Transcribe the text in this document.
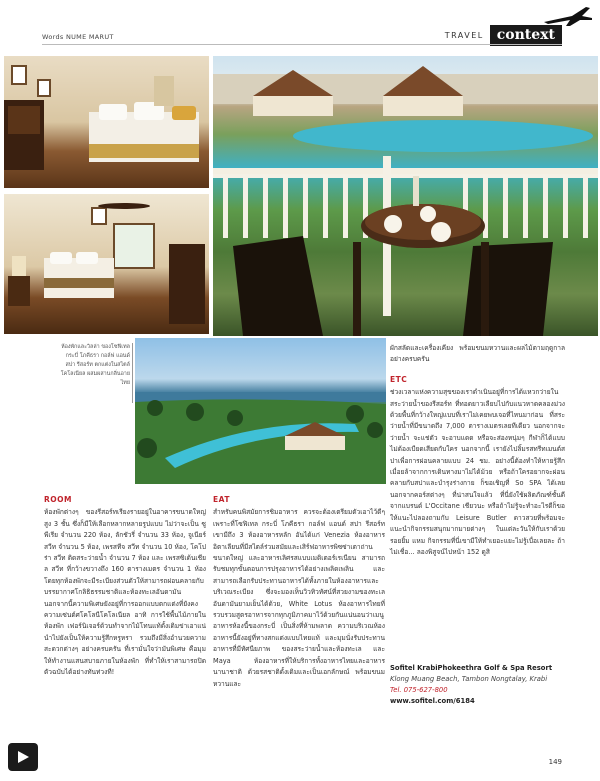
Words NUME MARUT	TRAVEL context
ห้องพักและวิลล่า ของโซฟิเทล กระบี่ โภคีธรา กอล์ฟ แอนด์ สปา รีสอร์ท ตกแต่งในสไตล์โคโลเนียล ผสมผสานกลิ่นอายไทย
ROOM
ห้องพักต่างๆ ของรีสอร์ทเรียงรายอยู่ในอาคารขนาดใหญ่ สูง 3 ชั้น ซึ่งก็มีให้เลือกหลากหลายรูปแบบ ไม่ว่าจะเป็น ซูพีเรีย จำนวน 220 ห้อง, ลักชัวรี่ จำนวน 33 ห้อง, จูเนียร์ สวีท จำนวน 5 ห้อง, เพรสทีจ สวีท จำนวน 10 ห้อง, โคโปร่า สวีท ติดสระว่ายน้ำ จำนวน 7 ห้อง และ เพรสซิเด้นเชียล สวีท ที่กว้างขวางถึง 160 ตารางเมตร จำนวน 1 ห้อง โดยทุกห้องพักจะมีระเบียงส่วนตัวให้สามารถผ่อนคลายกับบรรยากาศโกลิธิธรรมชาติและห้องทะเลอันดามัน นอกจากนี้ความพิเศษยังอยู่ที่การออกแบบตกแต่งที่ยังคงความเซ่นต์ศโคโลนีโคโลเนียล อาทิ การใช้พื้นไม้ภายในห้องพัก เฟอร์นิเจอร์ด้วนทำจากไม้โทนแท้ดั้งเดิมข่าเอาแน่นำไปยังเป็นให้ความรู้สึกหรูหรา รวมถึงมีสิ่งอำนวยความสะดวกต่างๆ อย่างครบครัน ที่เรามั่นใจว่ามันพิเศษ คือมุมให้ทำงานแสนสบายภายในห้องพัก ที่ทำให้เราสามารถปิดตัวฉบับได้อย่างทันท่วงที!
EAT
สำหรับคนพิสมัยการชิมอาหาร ควรจะต้องเตรียมตัวเอาไว้ดีๆ เพราะที่โซฟิเทล กระบี่ โภคีธรา กอล์ฟ แอนด์ สปา รีสอร์ท เขามีถึง 3 ห้องอาหารหลัก อันได้แก่ Venezia ห้องอาหารอิตาเลียนที่มีสไตล์ร่วมสมัยและเสิร์ฟอาหารพิซซ่าเตาถ่านขนาดใหญ่ และอาหารเลิศรสแบบเมดิเตอร์เรเนียน สามารถรับชมทุกขั้นตอนการปรุงอาหารได้อย่างเพลิดเพลิน และสามารถเลือกรับประทานอาหารได้ทั้งภายในห้องอาหารและบริเวณระเบียง ซึ่งจะมองเห็นวิวทิวทัศน์ที่สวยงามของทะเลอันดามันยามเย็นได้ด้วย, White Lotus ห้องอาหารไทยที่รวบรวมสูตรอาหารจากทุกภูมิภาคมาไว้ด้วยกันแน่นอนว่าเมนูอาหารห้องนี้ของกระบี่ เป็นสิ่งที่ห้ามพลาด ความบริเวณห้องอาหารนี้ยังอยู่ที่ทางสกแต่งแบบไทยแท้ และมุมนั่งรับประทานอาหารที่มีทัศนียภาพ ของสระว่ายน้ำและห้องทะเล และ Maya ห้องอาหารที่ให้บริการทั้งอาหารไทยและอาหารนานาชาติ ด้วยรสชาติดั้งเดิมและเป็นเอกลักษณ์ พร้อมขนมหวานและ
ผักสลัดและเครื่องเคียง พร้อมขนมหวานและผลไม้ตามฤดูกาลอย่างครบครัน
ETC
ช่วงเวลาแห่งความสุขของเราดำเนินอยู่ที่การได้แหวกว่ายในสระว่ายน้ำของรีสอร์ท ที่ทอดยาวเลียบไปกับแนวหาดคลองม่วง ด้วยพื้นที่กว้างใหญ่แบบที่เราไม่เคยพบเจอที่ไหนมาก่อน ที่สระว่ายน้ำที่มีขนาดถึง 7,000 ตารางเมตรเลยทีเดียว นอกจากจะว่ายน้ำ จะแช่ตัว จะอาบแดด หรือจะส่องหนุ่มๆ กีฬาก็ได้แบบไม่ต้องเบียดเสียดกับใคร นอกจากนี้ เรายังไปลิ้มรสทรีทเมนต์สปาเพื่อการผ่อนคลายแบบ 24 ชม. อย่างนี้ต้องทำให้หายรู้สึกเมื่อยล้าจากการเดินทางมาไม่ได้ม้วย หรือถ้าใครอยากจะผ่อนคลายกับสปาและบำรุงร่างกาย ก็ขอเชิญที่ So SPA ได้เลย นอกจากคอร์สต่างๆ ที่น่าสนใจแล้ว ที่นี่ยังใช้ผลิตภัณฑ์ชั้นดีจากแบรนด์ L'Occitane เชียวนะ หรือถ้าไม่รู้จะทำอะไรดีก็ขอให้แนะไปลองถามกับ Leisure Butler ดาวสวยที่พร้อมจะแนะนำกิจกรรมสนุกมากมายต่างๆ ในแต่ละวันให้กับเราด้วยรอยยิ้ม แหม กิจกรรมที่นี่เขามีให้ทำเยอะแยะไม่รู้เบื่อเลยละ ถ้าไม่เชื่อ... ลองพิสูจน์ไปหน้า 152 ดูสิ
Sofitel KrabiPhokeethra Golf & Spa Resort
Klong Muang Beach, Tambon Nongtalay, Krabi
Tel. 075-627-800
www.sofitel.com/6184
149
